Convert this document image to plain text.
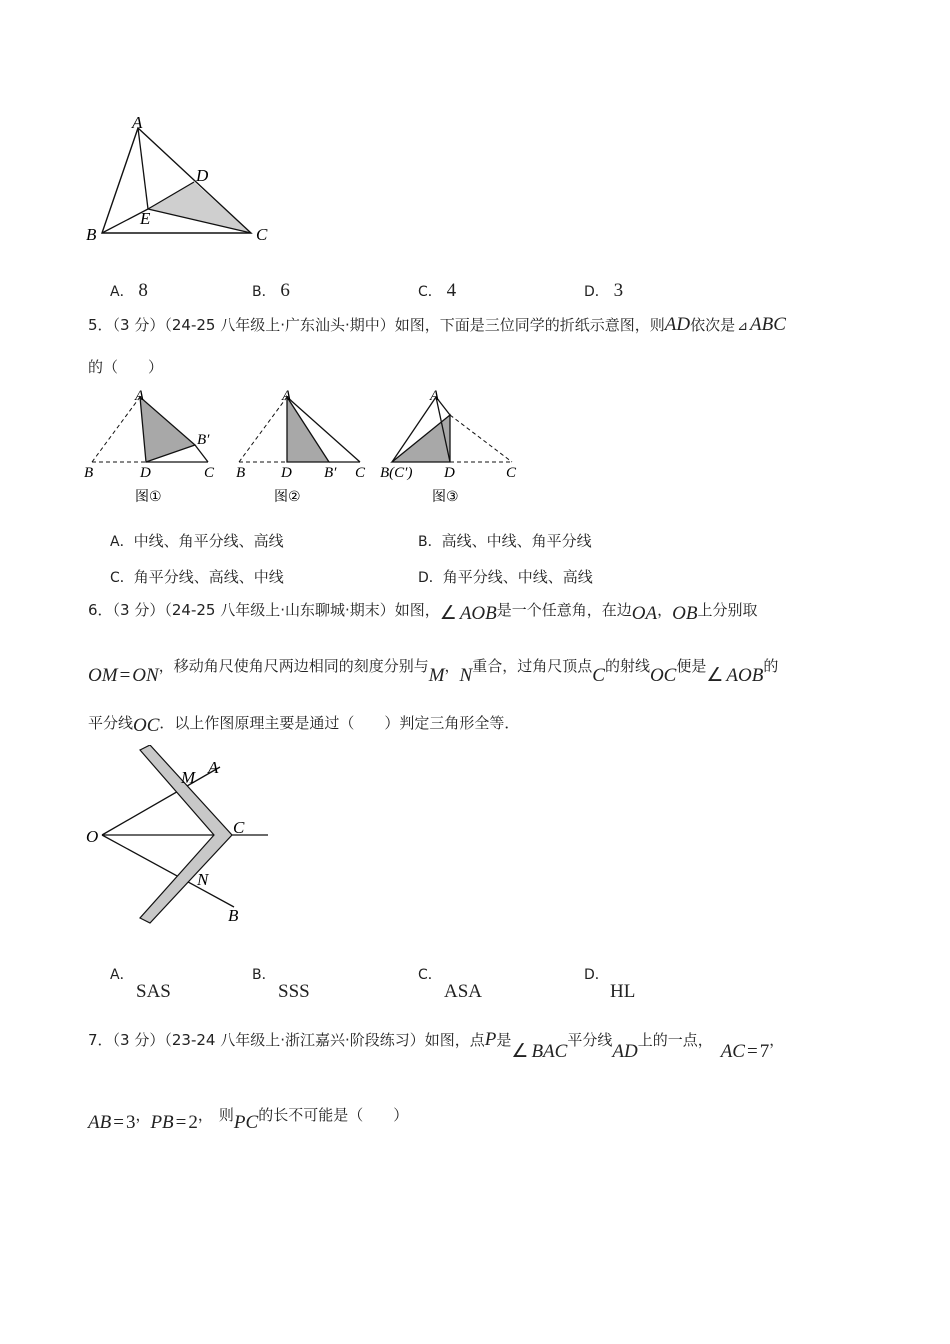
A
B	C
D
E
A． 8	B． 6	C． 4	D． 3
5．（3 分）（24-25 八年级上·广东汕头·期中）如图，下面是三位同学的折纸示意图，则AD依次是 ⊿ ABC
的（　　）
A
B′
B	D	C
图①
A
B D B′ C
图②
A
B(C′) D	C
图③
A．中线、角平分线、高线	B．高线、中线、角平分线
C．角平分线、高线、中线	D．角平分线、中线、高线
6．（3 分）（24-25 八年级上·山东聊城·期末）如图，∠ AOB是一个任意角，在边OA，OB上分别取
OM = ON，移动角尺使角尺两边相同的刻度分别与M，N重合，过角尺顶点C的射线OC便是∠ AOB的
平分线OC．以上作图原理主要是通过（　　）判定三角形全等．
O
A
M
C
N
B
A．
SAS
B．
SSS
C．
ASA
D．
HL
7．（3 分）（23-24 八年级上·浙江嘉兴·阶段练习）如图，点P是∠ BAC平分线AD上的一点，AC = 7，
AB = 3，PB = 2， 则PC的长不可能是（　　）
